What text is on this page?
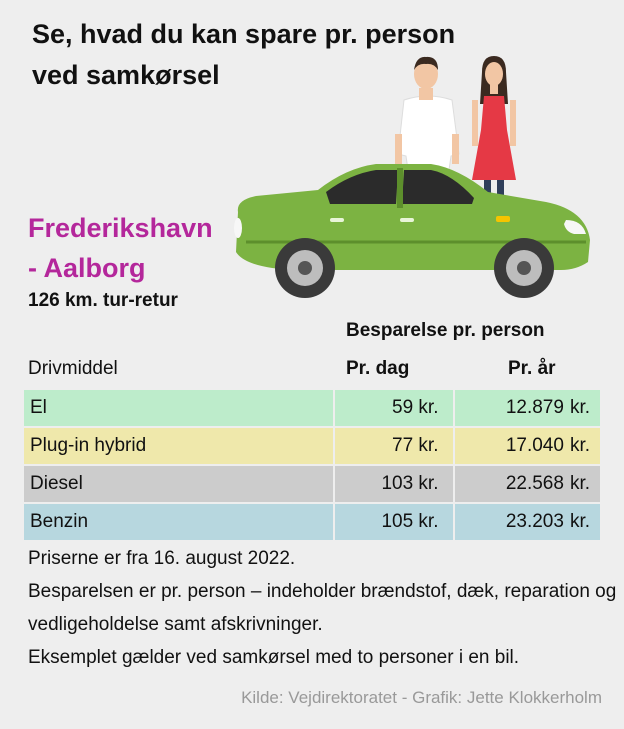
Se, hvad du kan spare pr. person
ved samkørsel
Frederikshavn
- Aalborg
126 km. tur-retur
Besparelse pr. person
Drivmiddel	Pr. dag	Pr. år
El	59 kr.	12.879 kr.
Plug-in hybrid	77 kr.	17.040 kr.
Diesel	103 kr.	22.568 kr.
Benzin	105 kr.	23.203 kr.

Priserne er fra 16. august 2022.

Besparelsen er pr. person – indeholder brændstof, dæk, reparation og vedligeholdelse samt afskrivninger.

Eksemplet gælder ved samkørsel med to personer i en bil.

Kilde: Vejdirektoratet - Grafik: Jette Klokkerholm
